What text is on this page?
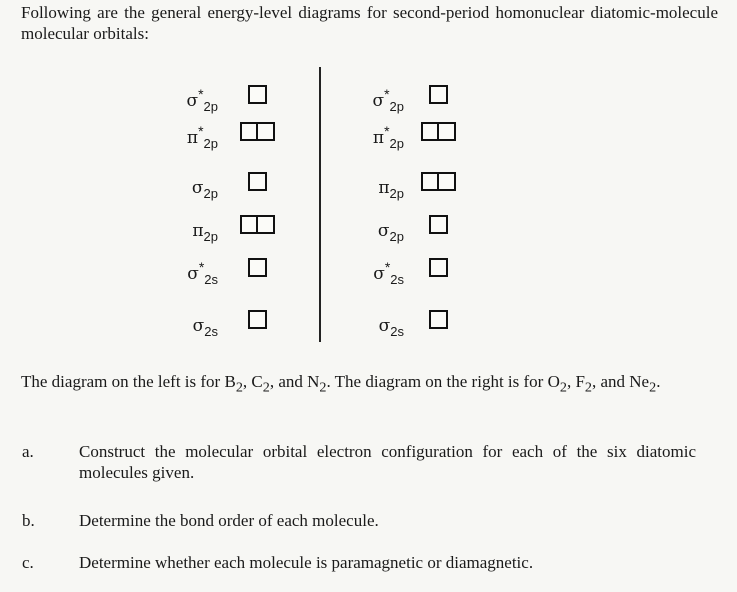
Following are the general energy-level diagrams for second-period homonuclear diatomic-molecule molecular orbitals:
$\sigma^*_{2p}$
$\pi^*_{2p}$
$\sigma_{2p}$
$\pi_{2p}$
$\sigma^*_{2s}$
$\sigma_{2s}$
$\sigma^*_{2p}$
$\pi^*_{2p}$
$\pi_{2p}$
$\sigma_{2p}$
$\sigma^*_{2s}$
$\sigma_{2s}$
The diagram on the left is for $B_2$, $C_2$, and $N_2$. The diagram on the right is for $O_2$, $F_2$, and $Ne_2$.
a.	Construct the molecular orbital electron configuration for each of the six diatomic molecules given.
b.	Determine the bond order of each molecule.
c.	Determine whether each molecule is paramagnetic or diamagnetic.
